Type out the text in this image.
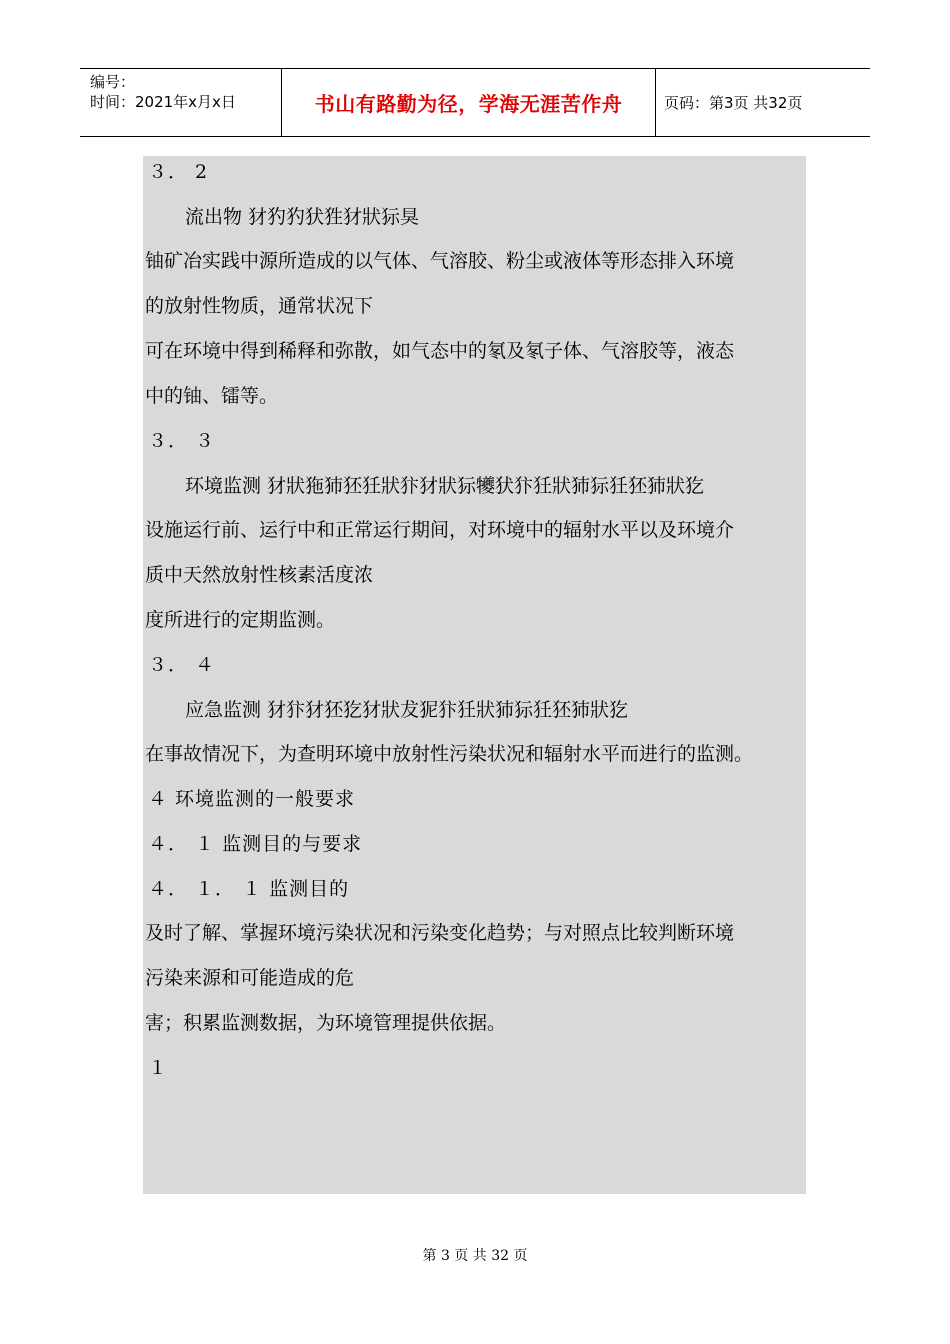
编号：
时间：2021年x月x日	书山有路勤为径，学海无涯苦作舟	页码：第3页 共32页
３． 2
流出物 犲犳犳犾狌犲狀狋狊
铀矿冶实践中源所造成的以气体、气溶胶、粉尘或液体等形态排入环境
的放射性物质，通常状况下
可在环境中得到稀释和弥散，如气态中的氡及氡子体、气溶胶等，液态
中的铀、镭等。
３． ３
环境监测 犲狀狏犻狉狅狀犿犲狀狋犪犾犿狅狀犻狋狅狉犻狀犵
设施运行前、运行中和正常运行期间，对环境中的辐射水平以及环境介
质中天然放射性核素活度浓
度所进行的定期监测。
３． ４
应急监测 犲犿犲狉犵犲狀犮狔犿狅狀犻狋狅狉犻狀犵
在事故情况下，为查明环境中放射性污染状况和辐射水平而进行的监测。
４ 环境监测的一般要求
４． １ 监测目的与要求
４． １． １ 监测目的
及时了解、掌握环境污染状况和污染变化趋势；与对照点比较判断环境
污染来源和可能造成的危
害；积累监测数据，为环境管理提供依据。
１
第 3 页 共 32 页
